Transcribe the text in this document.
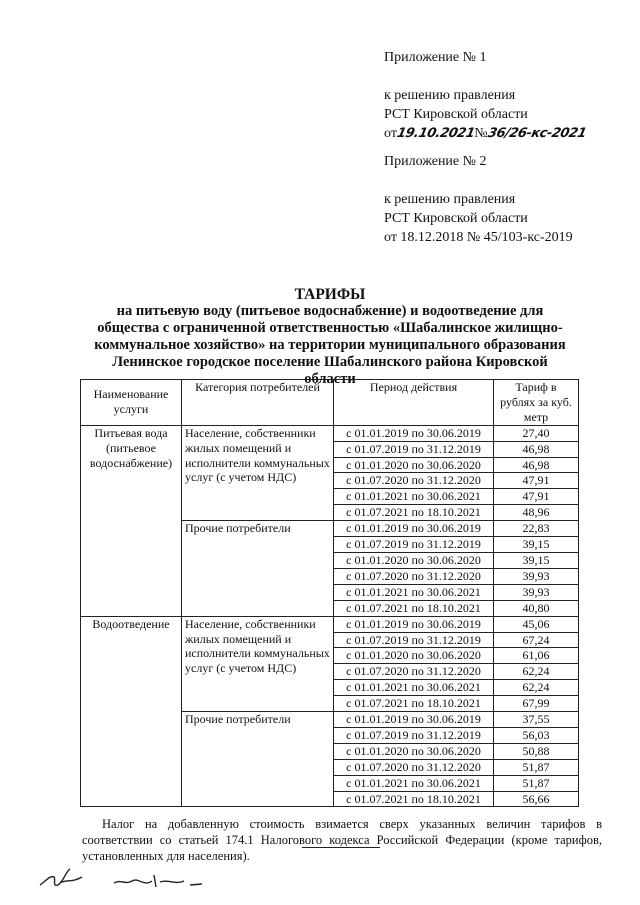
Приложение № 1
к решению правления
РСТ Кировской области
от19.10.2021№36/26-кс-2021
Приложение № 2
к решению правления
РСТ Кировской области
от 18.12.2018 № 45/103-кс-2019
ТАРИФЫ
на питьевую воду (питьевое водоснабжение) и водоотведение для
общества с ограниченной ответственностью «Шабалинское жилищно-
коммунальное хозяйство» на территории муниципального образования
Ленинское городское поселение Шабалинского района Кировской
области
Наименование услуги	Категория потребителей	Период действия	Тариф в рублях за куб. метр
Питьевая вода (питьевое водоснабжение)	Население, собственники жилых помещений и исполнители коммунальных услуг (с учетом НДС)	с 01.01.2019 по 30.06.2019	27,40
		с 01.07.2019 по 31.12.2019	46,98
		с 01.01.2020 по 30.06.2020	46,98
		с 01.07.2020 по 31.12.2020	47,91
		с 01.01.2021 по 30.06.2021	47,91
		с 01.07.2021 по 18.10.2021	48,96
	Прочие потребители	с 01.01.2019 по 30.06.2019	22,83
		с 01.07.2019 по 31.12.2019	39,15
		с 01.01.2020 по 30.06.2020	39,15
		с 01.07.2020 по 31.12.2020	39,93
		с 01.01.2021 по 30.06.2021	39,93
		с 01.07.2021 по 18.10.2021	40,80
Водоотведение	Население, собственники жилых помещений и исполнители коммунальных услуг (с учетом НДС)	с 01.01.2019 по 30.06.2019	45,06
		с 01.07.2019 по 31.12.2019	67,24
		с 01.01.2020 по 30.06.2020	61,06
		с 01.07.2020 по 31.12.2020	62,24
		с 01.01.2021 по 30.06.2021	62,24
		с 01.07.2021 по 18.10.2021	67,99
	Прочие потребители	с 01.01.2019 по 30.06.2019	37,55
		с 01.07.2019 по 31.12.2019	56,03
		с 01.01.2020 по 30.06.2020	50,88
		с 01.07.2020 по 31.12.2020	51,87
		с 01.01.2021 по 30.06.2021	51,87
		с 01.07.2021 по 18.10.2021	56,66
Налог на добавленную стоимость взимается сверх указанных величин тарифов в соответствии со статьей 174.1 Налогового кодекса Российской Федерации (кроме тарифов, установленных для населения).
